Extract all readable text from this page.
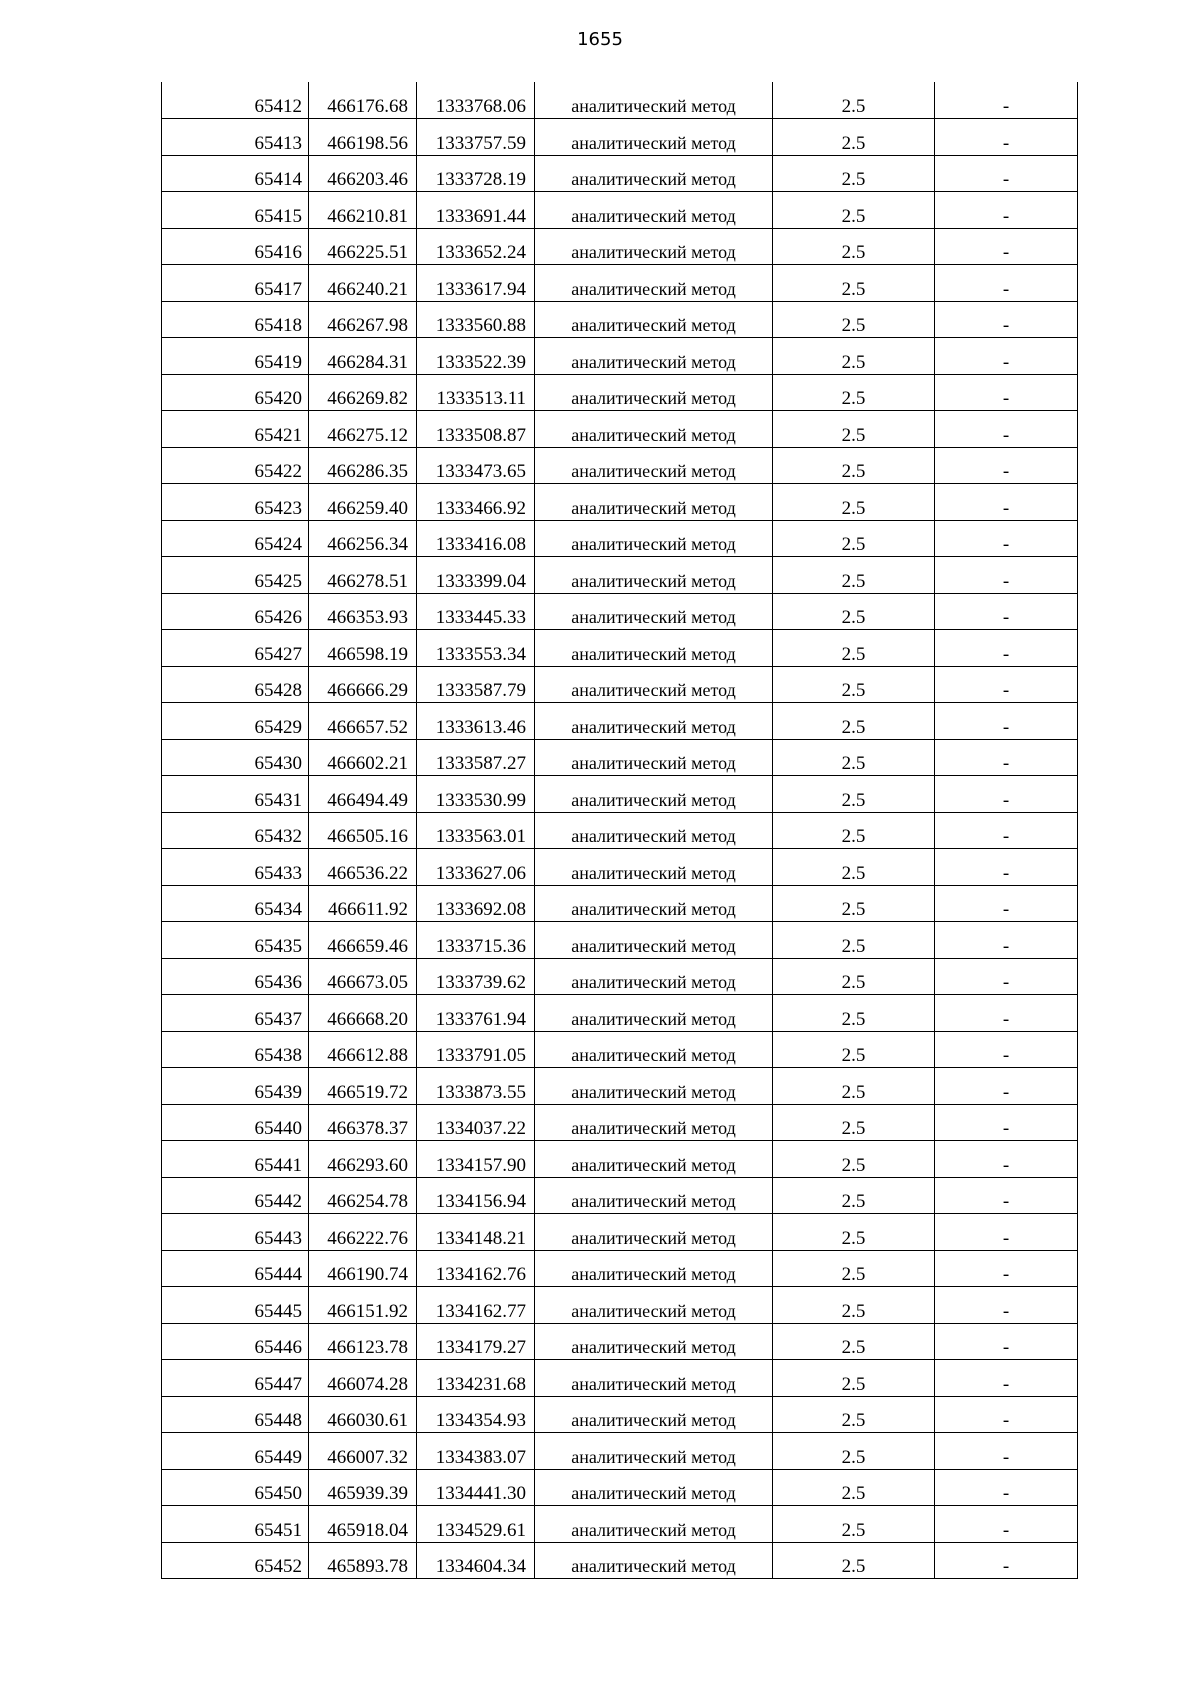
1655
65412	466176.68	1333768.06	аналитический метод	2.5	-
65413	466198.56	1333757.59	аналитический метод	2.5	-
65414	466203.46	1333728.19	аналитический метод	2.5	-
65415	466210.81	1333691.44	аналитический метод	2.5	-
65416	466225.51	1333652.24	аналитический метод	2.5	-
65417	466240.21	1333617.94	аналитический метод	2.5	-
65418	466267.98	1333560.88	аналитический метод	2.5	-
65419	466284.31	1333522.39	аналитический метод	2.5	-
65420	466269.82	1333513.11	аналитический метод	2.5	-
65421	466275.12	1333508.87	аналитический метод	2.5	-
65422	466286.35	1333473.65	аналитический метод	2.5	-
65423	466259.40	1333466.92	аналитический метод	2.5	-
65424	466256.34	1333416.08	аналитический метод	2.5	-
65425	466278.51	1333399.04	аналитический метод	2.5	-
65426	466353.93	1333445.33	аналитический метод	2.5	-
65427	466598.19	1333553.34	аналитический метод	2.5	-
65428	466666.29	1333587.79	аналитический метод	2.5	-
65429	466657.52	1333613.46	аналитический метод	2.5	-
65430	466602.21	1333587.27	аналитический метод	2.5	-
65431	466494.49	1333530.99	аналитический метод	2.5	-
65432	466505.16	1333563.01	аналитический метод	2.5	-
65433	466536.22	1333627.06	аналитический метод	2.5	-
65434	466611.92	1333692.08	аналитический метод	2.5	-
65435	466659.46	1333715.36	аналитический метод	2.5	-
65436	466673.05	1333739.62	аналитический метод	2.5	-
65437	466668.20	1333761.94	аналитический метод	2.5	-
65438	466612.88	1333791.05	аналитический метод	2.5	-
65439	466519.72	1333873.55	аналитический метод	2.5	-
65440	466378.37	1334037.22	аналитический метод	2.5	-
65441	466293.60	1334157.90	аналитический метод	2.5	-
65442	466254.78	1334156.94	аналитический метод	2.5	-
65443	466222.76	1334148.21	аналитический метод	2.5	-
65444	466190.74	1334162.76	аналитический метод	2.5	-
65445	466151.92	1334162.77	аналитический метод	2.5	-
65446	466123.78	1334179.27	аналитический метод	2.5	-
65447	466074.28	1334231.68	аналитический метод	2.5	-
65448	466030.61	1334354.93	аналитический метод	2.5	-
65449	466007.32	1334383.07	аналитический метод	2.5	-
65450	465939.39	1334441.30	аналитический метод	2.5	-
65451	465918.04	1334529.61	аналитический метод	2.5	-
65452	465893.78	1334604.34	аналитический метод	2.5	-
